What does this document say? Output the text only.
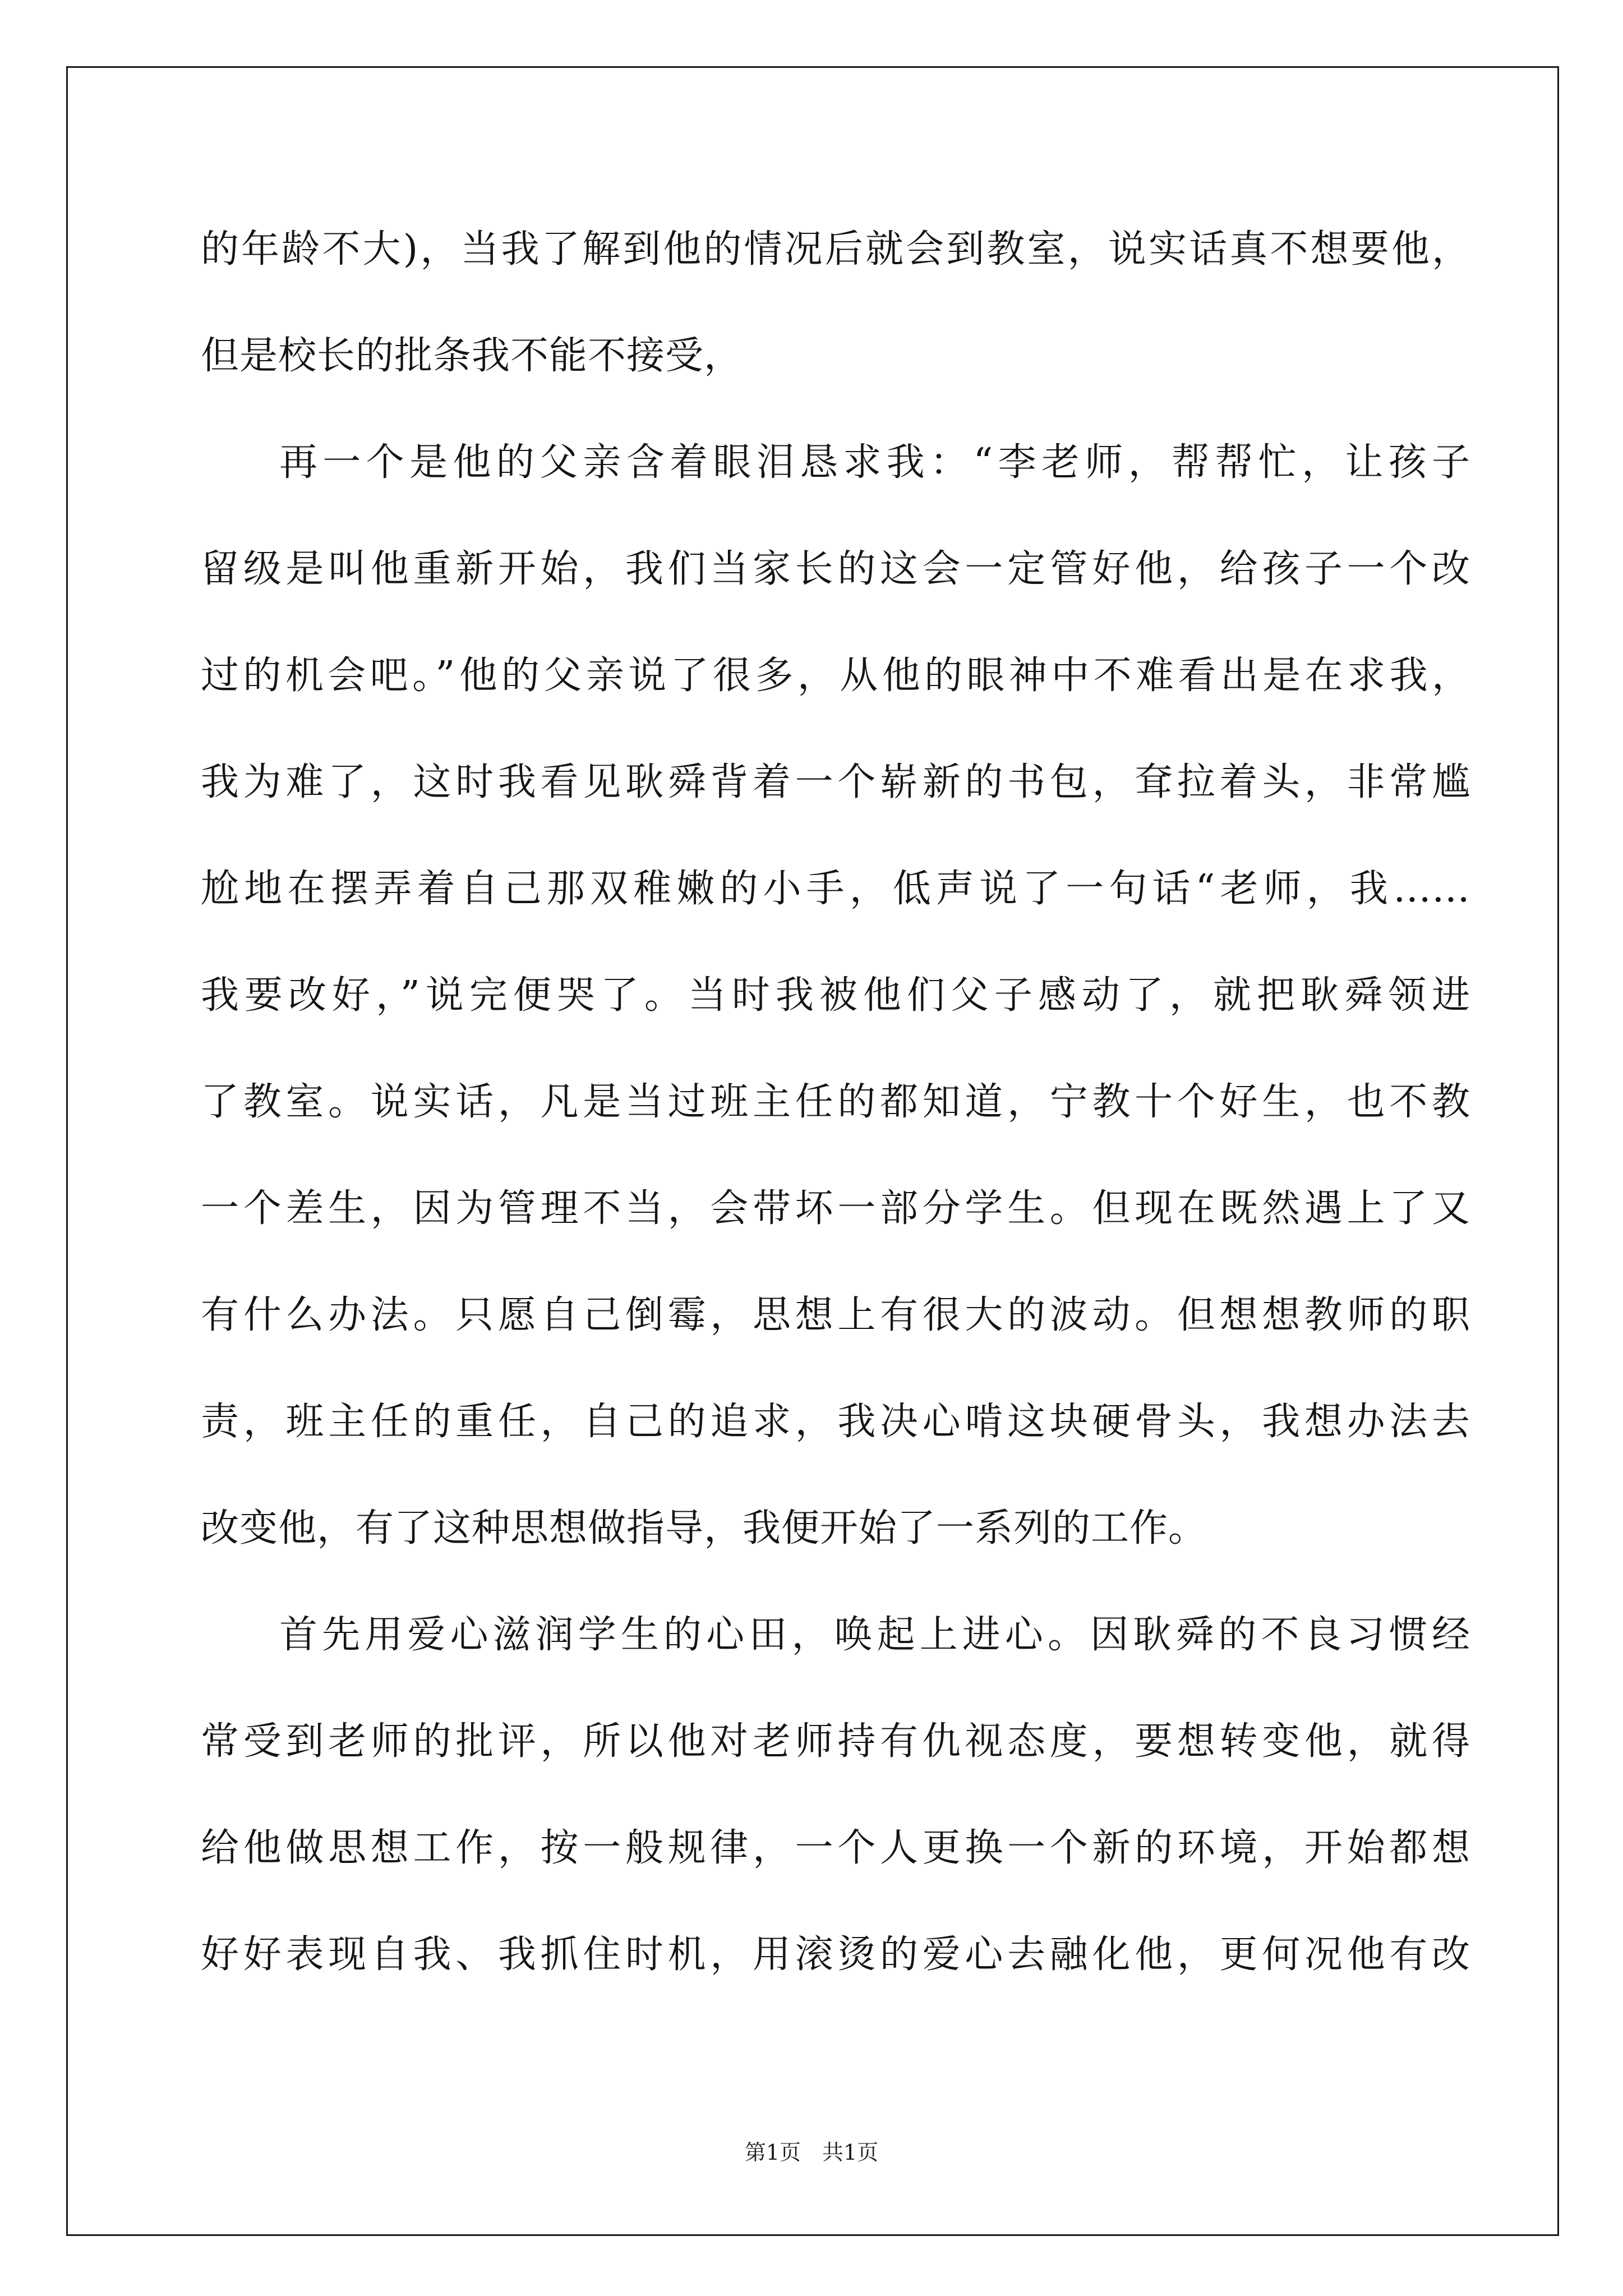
的年龄不大)，当我了解到他的情况后就会到教室，说实话真不想要他，
但是校长的批条我不能不接受，
再一个是他的父亲含着眼泪恳求我：“李老师，帮帮忙，让孩子
留级是叫他重新开始，我们当家长的这会一定管好他，给孩子一个改
过的机会吧。”他的父亲说了很多，从他的眼神中不难看出是在求我，
我为难了，这时我看见耿舜背着一个崭新的书包，耷拉着头，非常尴
尬地在摆弄着自己那双稚嫩的小手，低声说了一句话“老师，我……
我要改好，”说完便哭了。当时我被他们父子感动了，就把耿舜领进
了教室。说实话，凡是当过班主任的都知道，宁教十个好生，也不教
一个差生，因为管理不当，会带坏一部分学生。但现在既然遇上了又
有什么办法。只愿自己倒霉，思想上有很大的波动。但想想教师的职
责，班主任的重任，自己的追求，我决心啃这块硬骨头，我想办法去
改变他，有了这种思想做指导，我便开始了一系列的工作。
首先用爱心滋润学生的心田，唤起上进心。因耿舜的不良习惯经
常受到老师的批评，所以他对老师持有仇视态度，要想转变他，就得
给他做思想工作，按一般规律，一个人更换一个新的环境，开始都想
好好表现自我、我抓住时机，用滚烫的爱心去融化他，更何况他有改
第1页　共1页
